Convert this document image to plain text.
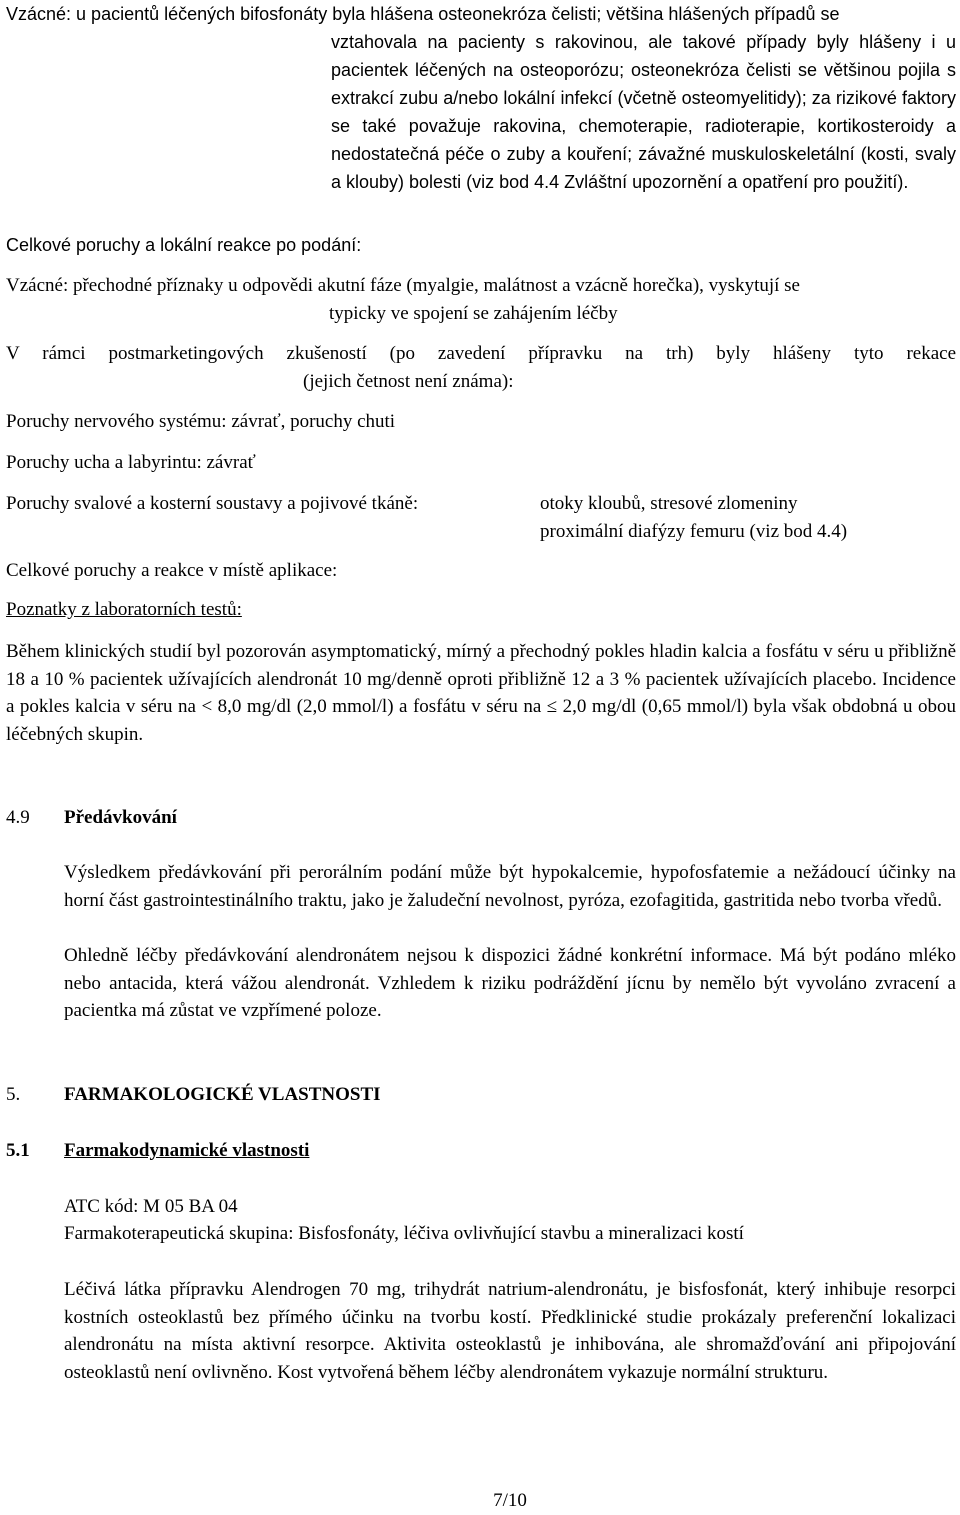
Vzácné: u pacientů léčených bifosfonáty byla hlášena osteonekróza čelisti; většina hlášených případů se
vztahovala na pacienty s rakovinou, ale takové případy byly hlášeny i u pacientek léčených na osteoporózu; osteonekróza čelisti se většinou pojila s extrakcí zubu a/nebo lokální infekcí (včetně osteomyelitidy); za rizikové faktory se také považuje rakovina, chemoterapie, radioterapie, kortikosteroidy a nedostatečná péče o zuby a kouření; závažné muskuloskeletální (kosti, svaly a klouby) bolesti (viz bod 4.4 Zvláštní upozornění a opatření pro použití).
Celkové poruchy a lokální reakce po podání:
Vzácné: přechodné příznaky u odpovědi akutní fáze (myalgie, malátnost a vzácně horečka), vyskytují se
typicky ve spojení se zahájením léčby
V rámci postmarketingových zkušeností (po zavedení přípravku na trh) byly hlášeny tyto rekace
(jejich četnost není známa):
Poruchy nervového systému: závrať, poruchy chuti
Poruchy ucha a labyrintu: závrať
Poruchy svalové a kosterní soustavy a pojivové tkáně:	otoky kloubů, stresové zlomeniny
proximální diafýzy femuru (viz bod 4.4)
Celkové poruchy a reakce v místě aplikace:
Poznatky z laboratorních testů:
Během klinických studií byl pozorován asymptomatický, mírný a přechodný pokles hladin kalcia a fosfátu v séru u přibližně 18 a 10 % pacientek užívajících alendronát 10 mg/denně oproti přibližně 12 a 3 % pacientek užívajících placebo. Incidence a pokles kalcia v séru na < 8,0 mg/dl (2,0 mmol/l) a fosfátu v séru na ≤ 2,0 mg/dl (0,65 mmol/l) byla však obdobná u obou léčebných skupin.
4.9 Předávkování
Výsledkem předávkování při perorálním podání může být hypokalcemie, hypofosfatemie a nežádoucí účinky na horní část gastrointestinálního traktu, jako je žaludeční nevolnost, pyróza, ezofagitida, gastritida nebo tvorba vředů.
Ohledně léčby předávkování alendronátem nejsou k dispozici žádné konkrétní informace. Má být podáno mléko nebo antacida, která vážou alendronát. Vzhledem k riziku podráždění jícnu by nemělo být vyvoláno zvracení a pacientka má zůstat ve vzpřímené poloze.
5. FARMAKOLOGICKÉ VLASTNOSTI
5.1 Farmakodynamické vlastnosti
ATC kód: M 05 BA 04
Farmakoterapeutická skupina: Bisfosfonáty, léčiva ovlivňující stavbu a mineralizaci kostí
Léčivá látka přípravku Alendrogen 70 mg, trihydrát natrium-alendronátu, je bisfosfonát, který inhibuje resorpci kostních osteoklastů bez přímého účinku na tvorbu kostí. Předklinické studie prokázaly preferenční lokalizaci alendronátu na místa aktivní resorpce. Aktivita osteoklastů je inhibována, ale shromažďování ani připojování osteoklastů není ovlivněno. Kost vytvořená během léčby alendronátem vykazuje normální strukturu.
7/10
